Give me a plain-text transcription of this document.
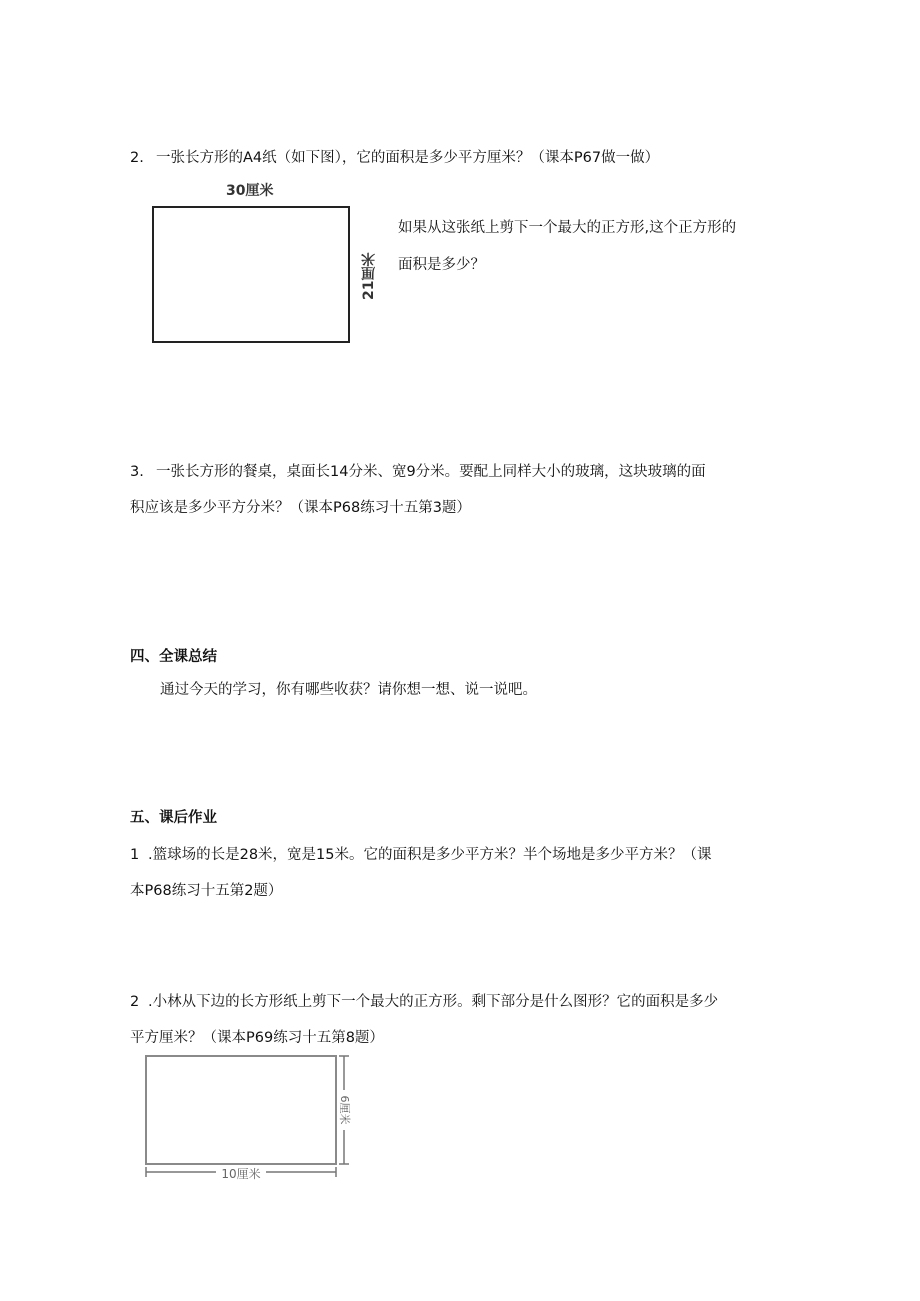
2. 一张长方形的A4纸（如下图），它的面积是多少平方厘米？（课本P67做一做）
30厘米
21厘米
如果从这张纸上剪下一个最大的正方形,这个正方形的
面积是多少？
3. 一张长方形的餐桌，桌面长14分米、宽9分米。要配上同样大小的玻璃，这块玻璃的面
积应该是多少平方分米？（课本P68练习十五第3题）
四、全课总结
通过今天的学习，你有哪些收获？请你想一想、说一说吧。
五、课后作业
1 .篮球场的长是28米，宽是15米。它的面积是多少平方米？半个场地是多少平方米？（课
本P68练习十五第2题）
2 .小林从下边的长方形纸上剪下一个最大的正方形。剩下部分是什么图形？它的面积是多少
平方厘米？（课本P69练习十五第8题）
10厘米
6厘米
